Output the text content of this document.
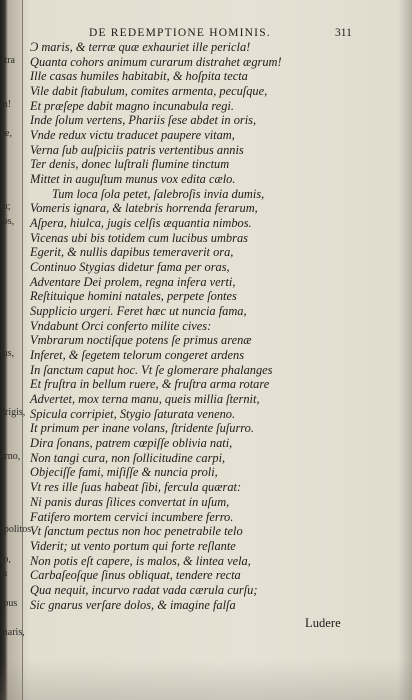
DE REDEMPTIONE HOMINIS.	311
Ɔ maris, & terræ quæ exhauriet ille pericla!
Quanta cohors animum curarum distrahet ægrum!
Ille casas humiles habitabit, & hoſpita tecta
Vile dabit ſtabulum, comites armenta, pecuſque,
Et præſepe dabit magno incunabula regi.
Inde ſolum vertens, Phariis ſese abdet in oris,
Vnde redux victu traducet paupere vitam,
Verna ſub auſpiciis patris vertentibus annis
Ter denis, donec luſtrali flumine tinctum
Mittet in auguſtum munus vox edita cælo.
Tum loca ſola petet, ſalebroſis invia dumis,
Vomeris ignara, & latebris horrenda ferarum,
Aſpera, hiulca, jugis celſis æquantia nimbos.
Vicenas ubi bis totidem cum lucibus umbras
Egerit, & nullis dapibus temeraverit ora,
Continuo Stygias didetur fama per oras,
Adventare Dei prolem, regna infera verti,
Reſtituique homini natales, perpete ſontes
Supplicio urgeri. Feret hæc ut nuncia fama,
Vndabunt Orci conferto milite cives:
Vmbrarum noctiſque potens ſe primus arenæ
Inferet, & ſegetem telorum congeret ardens
In ſanctum caput hoc. Vt ſe glomerare phalanges
Et fruſtra in bellum ruere, & fruſtra arma rotare
Advertet, mox terna manu, queis millia ſternit,
Spicula corripiet, Stygio ſaturata veneno.
It primum per inane volans, ſtridente ſuſurro.
Dira ſonans, patrem cœpiſſe oblivia nati,
Non tangi cura, non ſollicitudine carpi,
Objeciſſe fami, miſiſſe & nuncia proli,
Vt res ille ſuas habeat ſibi, fercula quærat:
Ni panis duras ſilices convertat in uſum,
Fatifero mortem cervici incumbere ferro.
Vt ſanctum pectus non hoc penetrabile telo
Viderit; ut vento portum qui forte reſlante
Non potis eſt capere, is malos, & lintea vela,
Carbaſeoſque ſinus obliquat, tendere recta
Qua nequit, incurvo radat vada cærula curſu;
Sic gnarus verſare dolos, & imagine falſa
Ludere
atra
m!
ue,
m;
los,
tus,
drigis,
erno,
spolitos
ro,
ta
rpus
maris,
